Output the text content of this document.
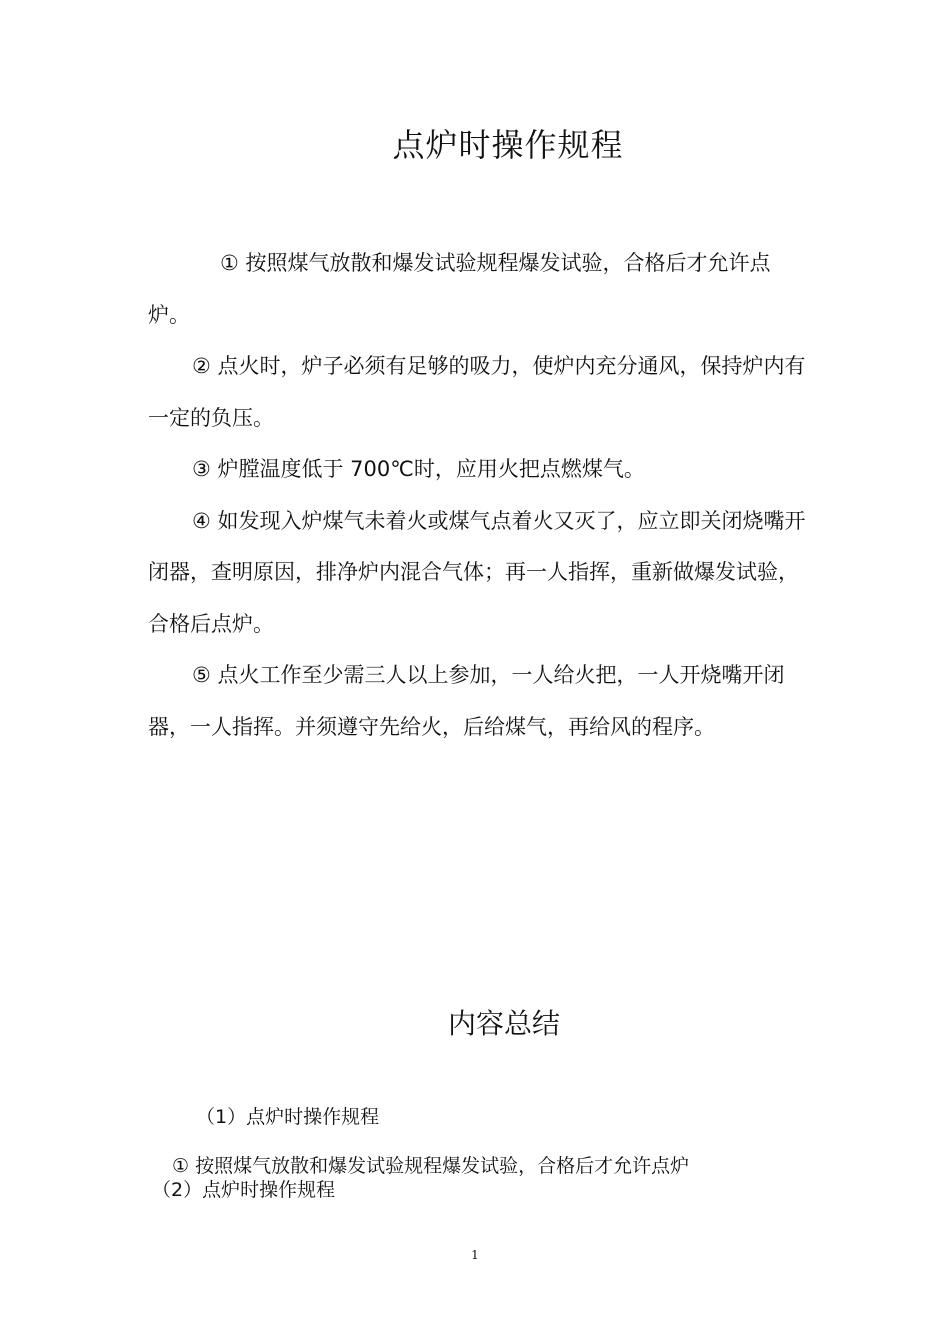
点炉时操作规程

① 按照煤气放散和爆发试验规程爆发试验，合格后才允许点炉。

② 点火时，炉子必须有足够的吸力，使炉内充分通风，保持炉内有一定的负压。

③ 炉膛温度低于 700℃时，应用火把点燃煤气。

④ 如发现入炉煤气未着火或煤气点着火又灭了，应立即关闭烧嘴开闭器，查明原因，排净炉内混合气体；再一人指挥，重新做爆发试验，合格后点炉。

⑤ 点火工作至少需三人以上参加，一人给火把，一人开烧嘴开闭器，一人指挥。并须遵守先给火，后给煤气，再给风的程序。

内容总结
（1）点炉时操作规程
① 按照煤气放散和爆发试验规程爆发试验，合格后才允许点炉
（2）点炉时操作规程
1
